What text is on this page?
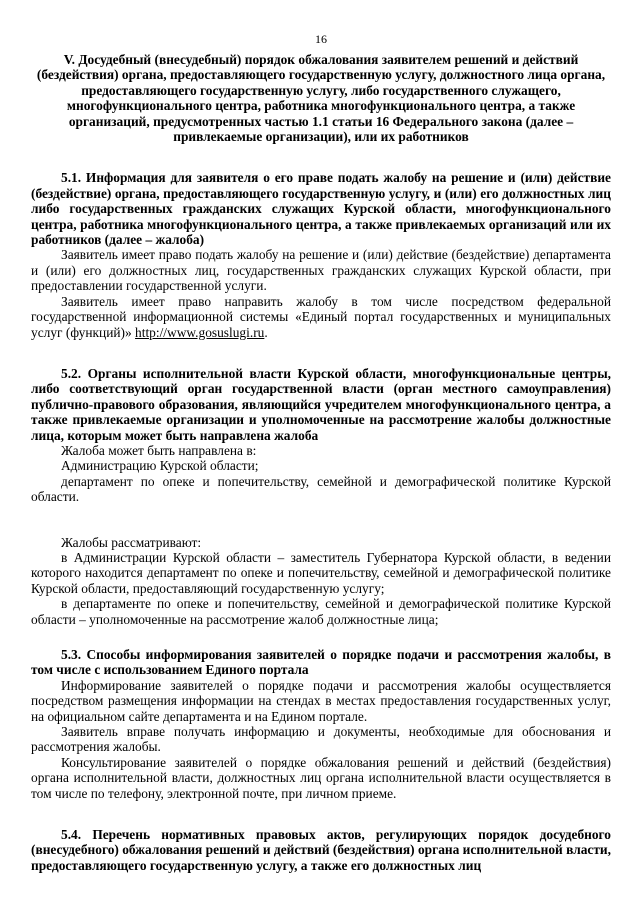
16
V. Досудебный (внесудебный) порядок обжалования заявителем решений и действий (бездействия) органа, предоставляющего государственную услугу, должностного лица органа, предоставляющего государственную услугу, либо государственного служащего, многофункционального центра, работника многофункционального центра, а также организаций, предусмотренных частью 1.1 статьи 16 Федерального закона (далее – привлекаемые организации), или их работников
5.1. Информация для заявителя о его праве подать жалобу на решение и (или) действие (бездействие) органа, предоставляющего государственную услугу, и (или) его должностных лиц либо государственных гражданских служащих Курской области, многофункционального центра, работника многофункционального центра, а также привлекаемых организаций или их работников (далее – жалоба)
Заявитель имеет право подать жалобу на решение и (или) действие (бездействие) департамента и (или) его должностных лиц, государственных гражданских служащих Курской области, при предоставлении государственной услуги.
Заявитель имеет право направить жалобу в том числе посредством федеральной государственной информационной системы «Единый портал государственных и муниципальных услуг (функций)» http://www.gosuslugi.ru.
5.2. Органы исполнительной власти Курской области, многофункциональные центры, либо соответствующий орган государственной власти (орган местного самоуправления) публично-правового образования, являющийся учредителем многофункционального центра, а также привлекаемые организации и уполномоченные на рассмотрение жалобы должностные лица, которым может быть направлена жалоба
Жалоба может быть направлена в:
Администрацию Курской области;
департамент по опеке и попечительству, семейной и демографической политике Курской области.
Жалобы рассматривают:
в Администрации Курской области – заместитель Губернатора Курской области, в ведении которого находится департамент по опеке и попечительству, семейной и демографической политике Курской области, предоставляющий государственную услугу;
в департаменте по опеке и попечительству, семейной и демографической политике Курской области – уполномоченные на рассмотрение жалоб должностные лица;
5.3. Способы информирования заявителей о порядке подачи и рассмотрения жалобы, в том числе с использованием Единого портала
Информирование заявителей о порядке подачи и рассмотрения жалобы осуществляется посредством размещения информации на стендах в местах предоставления государственных услуг, на официальном сайте департамента и на Едином портале.
Заявитель вправе получать информацию и документы, необходимые для обоснования и рассмотрения жалобы.
Консультирование заявителей о порядке обжалования решений и действий (бездействия) органа исполнительной власти, должностных лиц органа исполнительной власти осуществляется в том числе по телефону, электронной почте, при личном приеме.
5.4. Перечень нормативных правовых актов, регулирующих порядок досудебного (внесудебного) обжалования решений и действий (бездействия) органа исполнительной власти, предоставляющего государственную услугу, а также его должностных лиц
